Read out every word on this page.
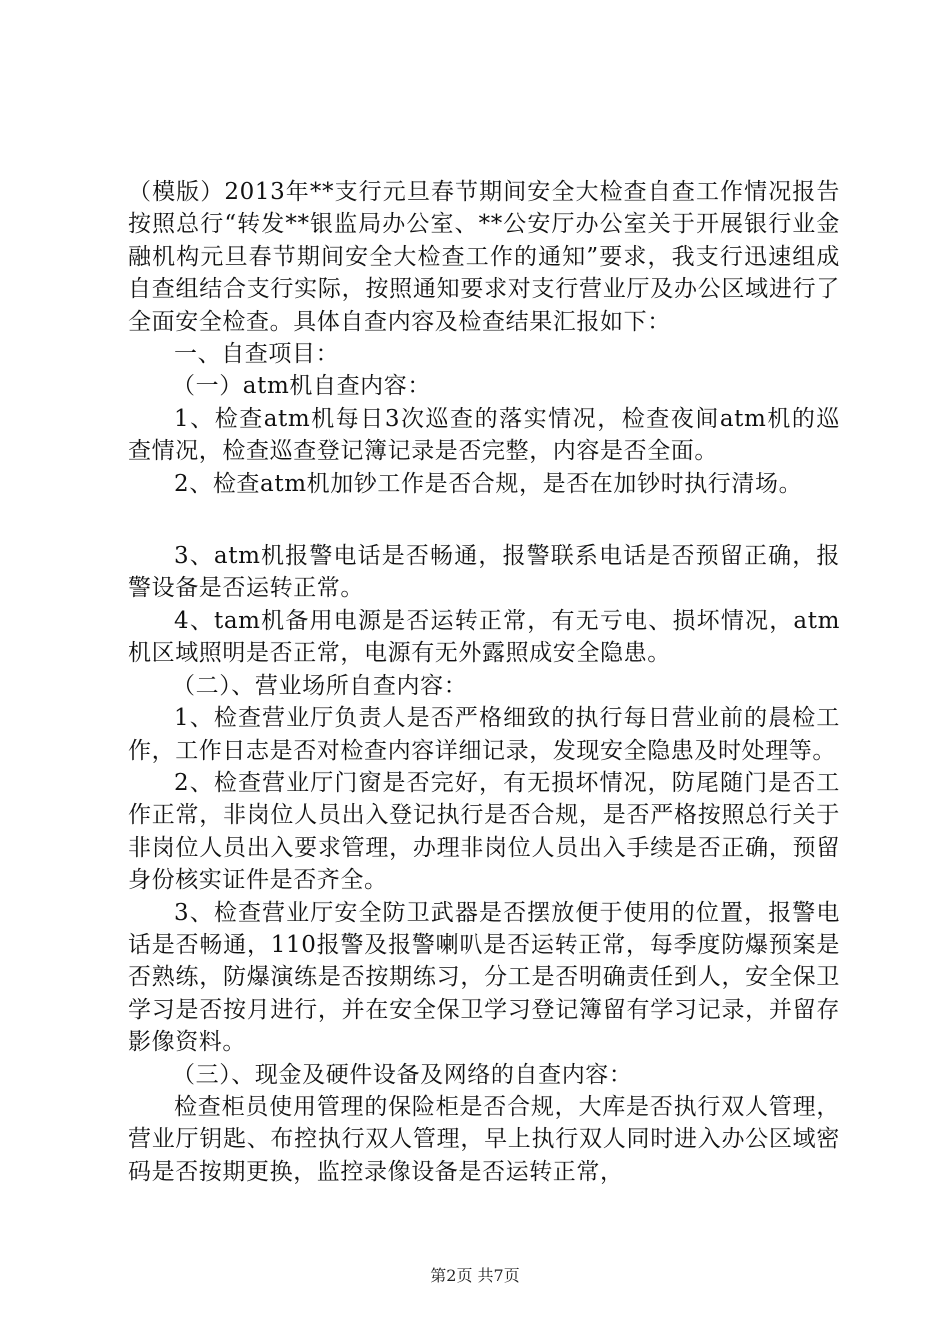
（模版）2013年**支行元旦春节期间安全大检查自查工作情况报告按照总行“转发**银监局办公室、**公安厅办公室关于开展银行业金融机构元旦春节期间安全大检查工作的通知”要求，我支行迅速组成自查组结合支行实际，按照通知要求对支行营业厅及办公区域进行了全面安全检查。具体自查内容及检查结果汇报如下：

一、自查项目：

（一）atm机自查内容：

1、检查atm机每日3次巡查的落实情况，检查夜间atm机的巡查情况，检查巡查登记簿记录是否完整，内容是否全面。

2、检查atm机加钞工作是否合规，是否在加钞时执行清场。

3、atm机报警电话是否畅通，报警联系电话是否预留正确，报警设备是否运转正常。

4、tam机备用电源是否运转正常，有无亏电、损坏情况，atm机区域照明是否正常，电源有无外露照成安全隐患。

（二）、营业场所自查内容：

1、检查营业厅负责人是否严格细致的执行每日营业前的晨检工作，工作日志是否对检查内容详细记录，发现安全隐患及时处理等。

2、检查营业厅门窗是否完好，有无损坏情况，防尾随门是否工作正常，非岗位人员出入登记执行是否合规，是否严格按照总行关于非岗位人员出入要求管理，办理非岗位人员出入手续是否正确，预留身份核实证件是否齐全。

3、检查营业厅安全防卫武器是否摆放便于使用的位置，报警电话是否畅通，110报警及报警喇叭是否运转正常，每季度防爆预案是否熟练，防爆演练是否按期练习，分工是否明确责任到人，安全保卫学习是否按月进行，并在安全保卫学习登记簿留有学习记录，并留存影像资料。

（三）、现金及硬件设备及网络的自查内容：

检查柜员使用管理的保险柜是否合规，大库是否执行双人管理，营业厅钥匙、布控执行双人管理，早上执行双人同时进入办公区域密码是否按期更换，监控录像设备是否运转正常，

第2页 共7页
